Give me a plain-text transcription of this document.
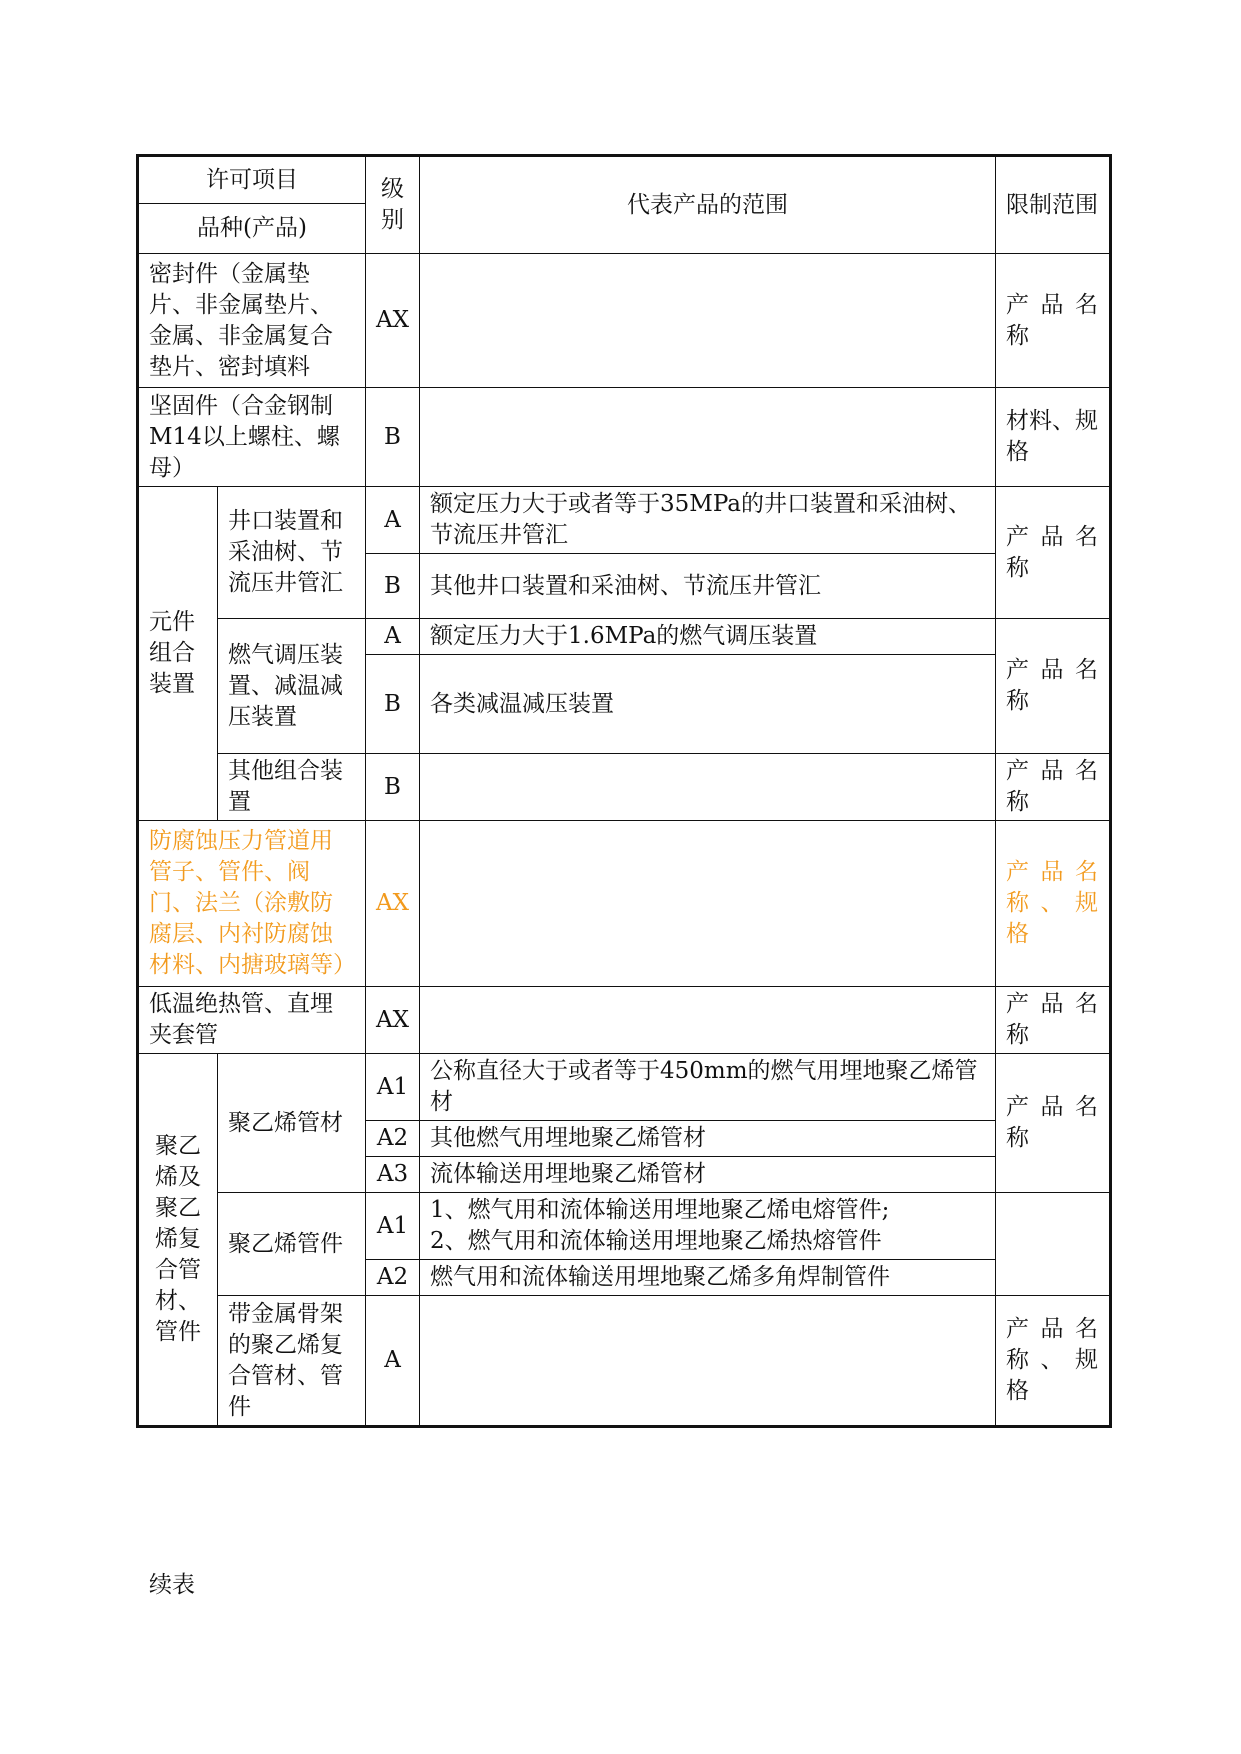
许可项目		级别	代表产品的范围	限制范围
品种(产品)				
密封件（金属垫片、非金属垫片、金属、非金属复合垫片、密封填料		AX		产 品 名称
坚固件（合金钢制M14以上螺柱、螺母）		B		材料、规格
元件组合装置	井口装置和采油树、节流压井管汇	A	额定压力大于或者等于35MPa的井口装置和采油树、节流压井管汇	产 品 名称
		B	其他井口装置和采油树、节流压井管汇	
	燃气调压装置、减温减压装置	A	额定压力大于1.6MPa的燃气调压装置	产 品 名称
		B	各类减温减压装置	
	其他组合装置	B		产 品 名称
防腐蚀压力管道用管子、管件、阀门、法兰（涂敷防腐层、内衬防腐蚀材料、内搪玻璃等）		AX		产 品 名称、规格
低温绝热管、直埋夹套管		AX		产 品 名称
聚乙烯及聚乙烯复合管材、管件	聚乙烯管材	A1	公称直径大于或者等于450mm的燃气用埋地聚乙烯管材	产 品 名称
		A2	其他燃气用埋地聚乙烯管材	
		A3	流体输送用埋地聚乙烯管材	
	聚乙烯管件	A1	1、燃气用和流体输送用埋地聚乙烯电熔管件;
2、燃气用和流体输送用埋地聚乙烯热熔管件	

		A2	燃气用和流体输送用埋地聚乙烯多角焊制管件	
	带金属骨架的聚乙烯复合管材、管件	A		产 品 名称、规格
续表
